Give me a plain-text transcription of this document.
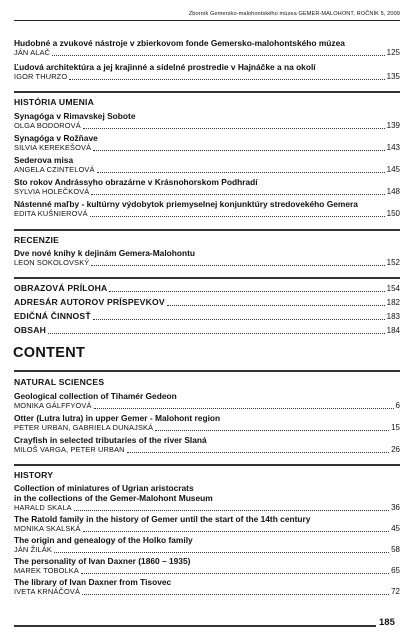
Zborník Gemersko-malohontského múzea GEMER-MALOHONT, ROČNÍK 5, 2009
Hudobné a zvukové nástroje v zbierkovom fonde Gemersko-malohontského múzea
JÁN ALAČ	125
Ľudová architektúra a jej krajinné a sídelné prostredie v Hajnáčke a na okolí
IGOR THURZO	135
HISTÓRIA UMENIA
Synagóga v Rimavskej Sobote
OLGA BODOROVÁ	139
Synagóga v Rožňave
SILVIA KEREKEŠOVÁ	143
Sederova misa
ANGELA CZINTELOVÁ	145
Sto rokov Andrássyho obrazárne v Krásnohorskom Podhradí
SYLVIA HOLEČKOVÁ	148
Nástenné maľby - kultúrny výdobytok priemyselnej konjunktúry stredovekého Gemera
EDITA KUŠNIEROVÁ	150
RECENZIE
Dve nové knihy k dejinám Gemera-Malohontu
LEON SOKOLOVSKÝ	152
OBRAZOVÁ PRÍLOHA	154
ADRESÁR AUTOROV PRÍSPEVKOV	182
EDIČNÁ ČINNOSŤ	183
OBSAH	184
CONTENT
NATURAL SCIENCES
Geological collection of Tihamér Gedeon
MONIKA GÁLFFYOVÁ	6
Otter (Lutra lutra) in upper Gemer - Malohont region
PETER URBAN, GABRIELA DUNAJSKÁ	15
Crayfish in selected tributaries of the river Slaná
MILOŠ VARGA, PETER URBAN	26
HISTORY
Collection of miniatures of Ugrian aristocrats
in the collections of the Gemer-Malohont Museum
HARALD SKALA	36
The Ratold family in the history of Gemer until the start of the 14th century
MONIKA SKALSKÁ	45
The origin and genealogy of the Holko family
JÁN ŽILÁK	58
The personality of Ivan Daxner (1860 – 1935)
MAREK TOBOLKA	65
The library of Ivan Daxner from Tisovec
IVETA KRNÁČOVÁ	72
185
